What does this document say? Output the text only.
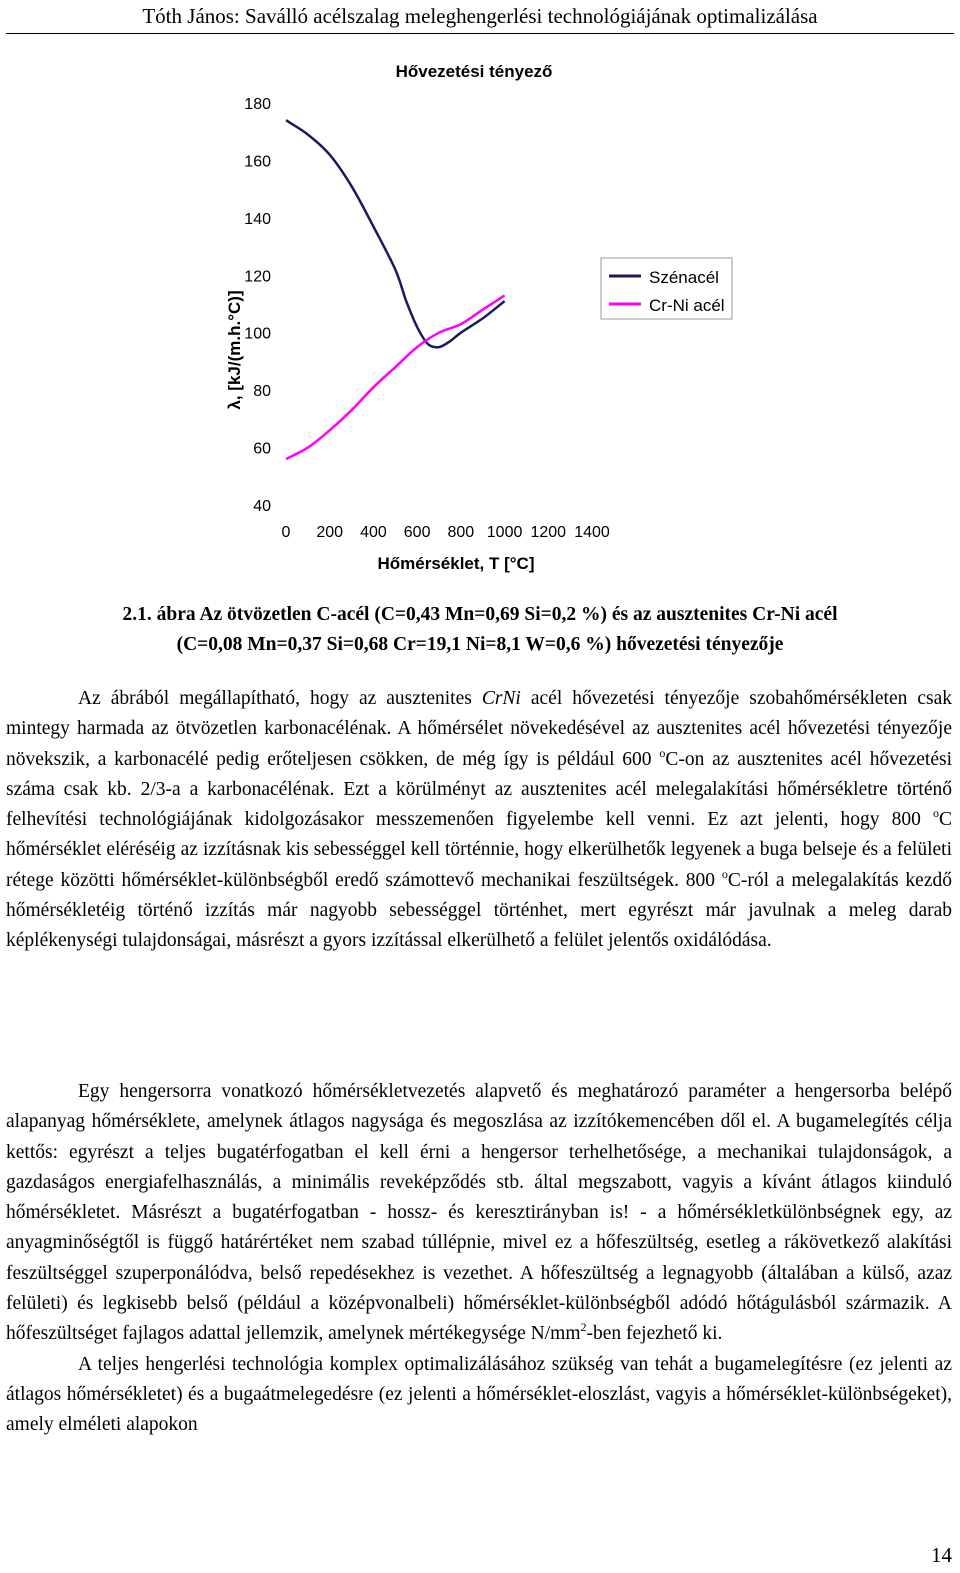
Tóth János: Saválló acélszalag meleghengerlési technológiájának optimalizálása
Hővezetési tényező
λ, [kJ/(m.h.°C)]
180
160
140
120
100
80
60
40
0 200 400 600 800 1000 1200 1400
Hőmérséklet, T [°C]
Szénacél
Cr-Ni acél
2.1. ábra Az ötvözetlen C-acél (C=0,43 Mn=0,69 Si=0,2 %) és az ausztenites Cr-Ni acél
(C=0,08 Mn=0,37 Si=0,68 Cr=19,1 Ni=8,1 W=0,6 %) hővezetési tényezője

Az ábrából megállapítható, hogy az ausztenites CrNi acél hővezetési tényezője szobahőmérsékleten csak mintegy harmada az ötvözetlen karbonacélénak. A hőmérsélet növekedésével az ausztenites acél hővezetési tényezője növekszik, a karbonacélé pedig erőteljesen csökken, de még így is például 600 $^o$C-on az ausztenites acél hővezetési száma csak kb. 2/3-a a karbonacélénak. Ezt a körülményt az ausztenites acél melegalakítási hőmérsékletre történő felhevítési technológiájának kidolgozásakor messzemenően figyelembe kell venni. Ez azt jelenti, hogy 800 $^o$C hőmérséklet eléréséig az izzításnak kis sebességgel kell történnie, hogy elkerülhetők legyenek a buga belseje és a felületi rétege közötti hőmérséklet-különbségből eredő számottevő mechanikai feszültségek. 800 $^o$C-ról a melegalakítás kezdő hőmérsékletéig történő izzítás már nagyobb sebességgel történhet, mert egyrészt már javulnak a meleg darab képlékenységi tulajdonságai, másrészt a gyors izzítással elkerülhető a felület jelentős oxidálódása.

Egy hengersorra vonatkozó hőmérsékletvezetés alapvető és meghatározó paraméter a hengersorba belépő alapanyag hőmérséklete, amelynek átlagos nagysága és megoszlása az izzítókemencében dől el. A bugamelegítés célja kettős: egyrészt a teljes bugatérfogatban el kell érni a hengersor terhelhetősége, a mechanikai tulajdonságok, a gazdaságos energiafelhasználás, a minimális reveképződés stb. által megszabott, vagyis a kívánt átlagos kiinduló hőmérsékletet. Másrészt a bugatérfogatban - hossz- és keresztirányban is! - a hőmérsékletkülönbségnek egy, az anyagminőségtől is függő határértéket nem szabad túllépnie, mivel ez a hőfeszültség, esetleg a rákövetkező alakítási feszültséggel szuperponálódva, belső repedésekhez is vezethet. A hőfeszültség a legnagyobb (általában a külső, azaz felületi) és legkisebb belső (például a középvonalbeli) hőmérséklet-különbségből adódó hőtágulásból származik. A hőfeszültséget fajlagos adattal jellemzik, amelynek mértékegysége $N/mm^2$-ben fejezhető ki.

A teljes hengerlési technológia komplex optimalizálásához szükség van tehát a bugamelegítésre (ez jelenti az átlagos hőmérsékletet) és a bugaátmelegedésre (ez jelenti a hőmérséklet-eloszlást, vagyis a hőmérséklet-különbségeket), amely elméleti alapokon

14
